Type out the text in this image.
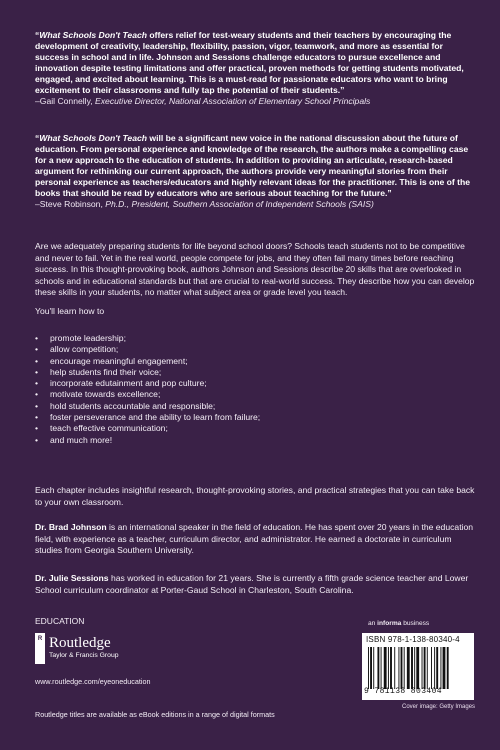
“What Schools Don't Teach offers relief for test-weary students and their teachers by encouraging the development of creativity, leadership, flexibility, passion, vigor, teamwork, and more as essential for success in school and in life. Johnson and Sessions challenge educators to pursue excellence and innovation despite testing limitations and offer practical, proven methods for getting students motivated, engaged, and excited about learning. This is a must-read for passionate educators who want to bring excitement to their classrooms and fully tap the potential of their students.”
–Gail Connelly, Executive Director, National Association of Elementary School Principals

“What Schools Don't Teach will be a significant new voice in the national discussion about the future of education. From personal experience and knowledge of the research, the authors make a compelling case for a new approach to the education of students. In addition to providing an articulate, research-based argument for rethinking our current approach, the authors provide very meaningful stories from their personal experience as teachers/educators and highly relevant ideas for the practitioner. This is one of the books that should be read by educators who are serious about teaching for the future.”
–Steve Robinson, Ph.D., President, Southern Association of Independent Schools (SAIS)

Are we adequately preparing students for life beyond school doors? Schools teach students not to be competitive and never to fail. Yet in the real world, people compete for jobs, and they often fail many times before reaching success. In this thought-provoking book, authors Johnson and Sessions describe 20 skills that are overlooked in schools and in educational standards but that are crucial to real-world success. They describe how you can develop these skills in your students, no matter what subject area or grade level you teach.

You'll learn how to

• promote leadership;
• allow competition;
• encourage meaningful engagement;
• help students find their voice;
• incorporate edutainment and pop culture;
• motivate towards excellence;
• hold students accountable and responsible;
• foster perseverance and the ability to learn from failure;
• teach effective communication;
• and much more!

Each chapter includes insightful research, thought-provoking stories, and practical strategies that you can take back to your own classroom.

Dr. Brad Johnson is an international speaker in the field of education. He has spent over 20 years in the education field, with experience as a teacher, curriculum director, and administrator. He earned a doctorate in curriculum studies from Georgia Southern University.

Dr. Julie Sessions has worked in education for 21 years. She is currently a fifth grade science teacher and Lower School curriculum coordinator at Porter-Gaud School in Charleston, South Carolina.

EDUCATION
R Routledge
Taylor & Francis Group
www.routledge.com/eyeoneducation
an informa business
ISBN 978-1-138-80340-4
9 781138 803404
Cover image: Getty Images
Routledge titles are available as eBook editions in a range of digital formats
